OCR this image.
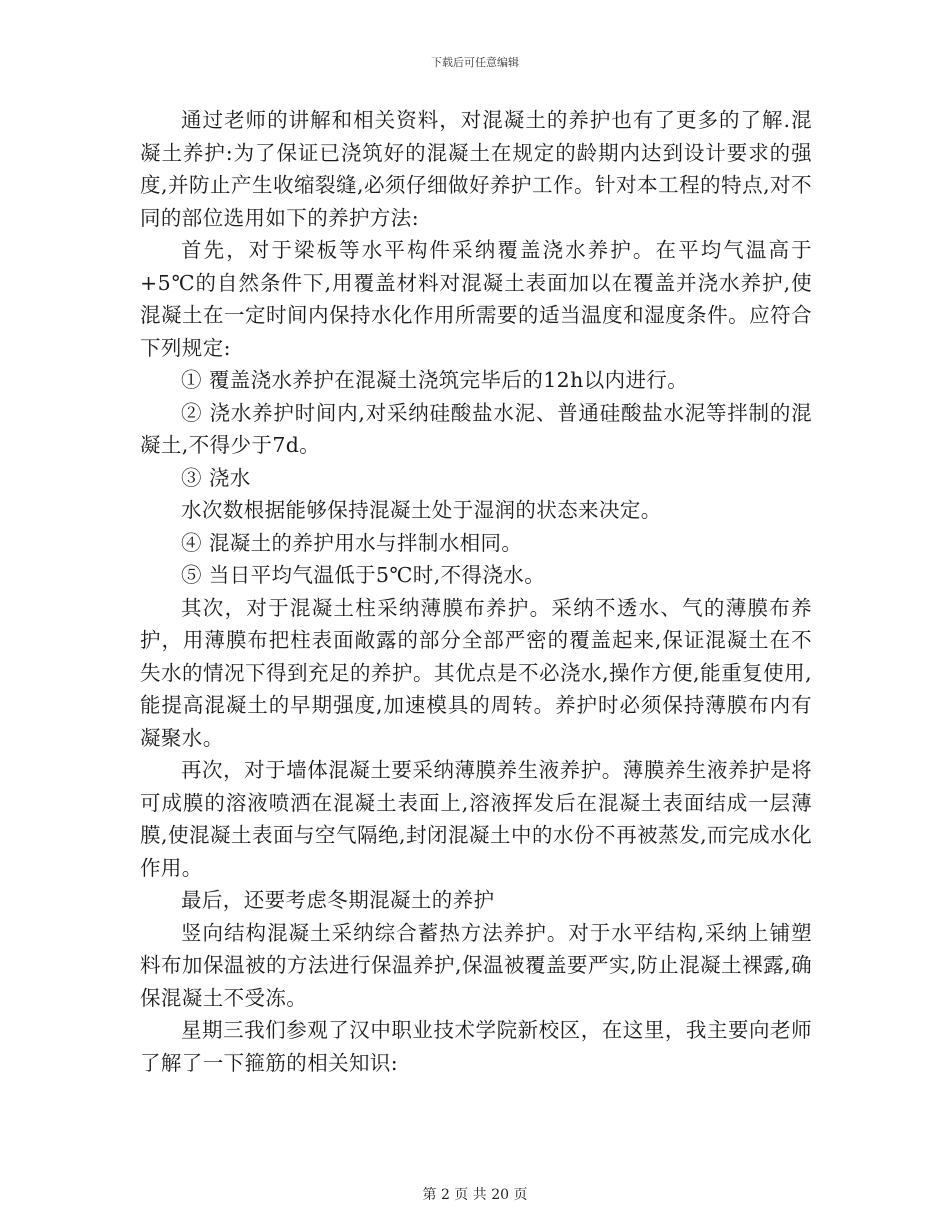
下载后可任意编辑

通过老师的讲解和相关资料，对混凝土的养护也有了更多的了解.混凝土养护:为了保证已浇筑好的混凝土在规定的龄期内达到设计要求的强度,并防止产生收缩裂缝,必须仔细做好养护工作。针对本工程的特点,对不同的部位选用如下的养护方法:

首先，对于梁板等水平构件采纳覆盖浇水养护。在平均气温高于+5℃的自然条件下,用覆盖材料对混凝土表面加以在覆盖并浇水养护,使混凝土在一定时间内保持水化作用所需要的适当温度和湿度条件。应符合下列规定:

① 覆盖浇水养护在混凝土浇筑完毕后的12h以内进行。

② 浇水养护时间内,对采纳硅酸盐水泥、普通硅酸盐水泥等拌制的混凝土,不得少于7d。

③ 浇水

水次数根据能够保持混凝土处于湿润的状态来决定。

④ 混凝土的养护用水与拌制水相同。

⑤ 当日平均气温低于5℃时,不得浇水。

其次，对于混凝土柱采纳薄膜布养护。采纳不透水、气的薄膜布养护，用薄膜布把柱表面敞露的部分全部严密的覆盖起来,保证混凝土在不失水的情况下得到充足的养护。其优点是不必浇水,操作方便,能重复使用,能提高混凝土的早期强度,加速模具的周转。养护时必须保持薄膜布内有凝聚水。

再次，对于墙体混凝土要采纳薄膜养生液养护。薄膜养生液养护是将可成膜的溶液喷洒在混凝土表面上,溶液挥发后在混凝土表面结成一层薄膜,使混凝土表面与空气隔绝,封闭混凝土中的水份不再被蒸发,而完成水化作用。

最后，还要考虑冬期混凝土的养护

竖向结构混凝土采纳综合蓄热方法养护。对于水平结构,采纳上铺塑料布加保温被的方法进行保温养护,保温被覆盖要严实,防止混凝土裸露,确保混凝土不受冻。

星期三我们参观了汉中职业技术学院新校区，在这里，我主要向老师了解了一下箍筋的相关知识:

第 2 页 共 20 页
